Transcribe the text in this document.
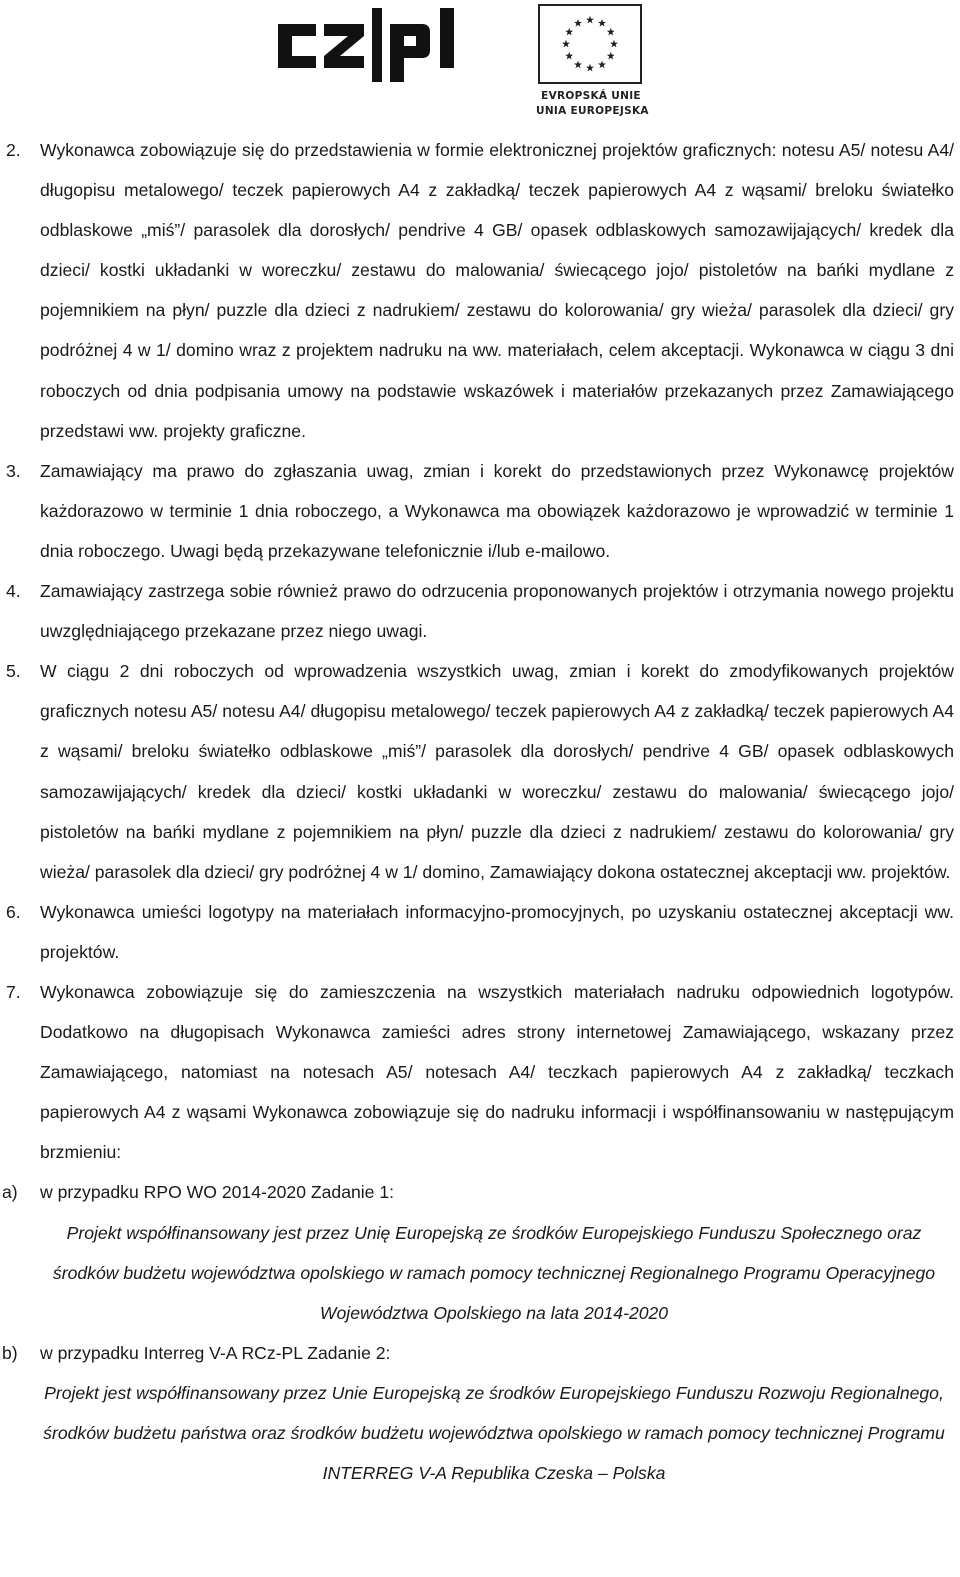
EVROPSKÁ UNIE
UNIA EUROPEJSKA
2. Wykonawca zobowiązuje się do przedstawienia w formie elektronicznej projektów graficznych: notesu A5/ notesu A4/ długopisu metalowego/ teczek papierowych A4 z zakładką/ teczek papierowych A4 z wąsami/ breloku światełko odblaskowe „miś”/ parasolek dla dorosłych/ pendrive 4 GB/ opasek odblaskowych samozawijających/ kredek dla dzieci/ kostki układanki w woreczku/ zestawu do malowania/ świecącego jojo/ pistoletów na bańki mydlane z pojemnikiem na płyn/ puzzle dla dzieci z nadrukiem/ zestawu do kolorowania/ gry wieża/ parasolek dla dzieci/ gry podróżnej 4 w 1/ domino wraz z projektem nadruku na ww. materiałach, celem akceptacji. Wykonawca w ciągu 3 dni roboczych od dnia podpisania umowy na podstawie wskazówek i materiałów przekazanych przez Zamawiającego przedstawi ww. projekty graficzne.
3. Zamawiający ma prawo do zgłaszania uwag, zmian i korekt do przedstawionych przez Wykonawcę projektów każdorazowo w terminie 1 dnia roboczego, a Wykonawca ma obowiązek każdorazowo je wprowadzić w terminie 1 dnia roboczego. Uwagi będą przekazywane telefonicznie i/lub e-mailowo.
4. Zamawiający zastrzega sobie również prawo do odrzucenia proponowanych projektów i otrzymania nowego projektu uwzględniającego przekazane przez niego uwagi.
5. W ciągu 2 dni roboczych od wprowadzenia wszystkich uwag, zmian i korekt do zmodyfikowanych projektów graficznych notesu A5/ notesu A4/ długopisu metalowego/ teczek papierowych A4 z zakładką/ teczek papierowych A4 z wąsami/ breloku światełko odblaskowe „miś”/ parasolek dla dorosłych/ pendrive 4 GB/ opasek odblaskowych samozawijających/ kredek dla dzieci/ kostki układanki w woreczku/ zestawu do malowania/ świecącego jojo/ pistoletów na bańki mydlane z pojemnikiem na płyn/ puzzle dla dzieci z nadrukiem/ zestawu do kolorowania/ gry wieża/ parasolek dla dzieci/ gry podróżnej 4 w 1/ domino, Zamawiający dokona ostatecznej akceptacji ww. projektów.
6. Wykonawca umieści logotypy na materiałach informacyjno-promocyjnych, po uzyskaniu ostatecznej akceptacji ww. projektów.
7. Wykonawca zobowiązuje się do zamieszczenia na wszystkich materiałach nadruku odpowiednich logotypów. Dodatkowo na długopisach Wykonawca zamieści adres strony internetowej Zamawiającego, wskazany przez Zamawiającego, natomiast na notesach A5/ notesach A4/ teczkach papierowych A4 z zakładką/ teczkach papierowych A4 z wąsami Wykonawca zobowiązuje się do nadruku informacji i współfinansowaniu w następującym brzmieniu:
a) w przypadku RPO WO 2014-2020 Zadanie 1:
Projekt współfinansowany jest przez Unię Europejską ze środków Europejskiego Funduszu Społecznego oraz środków budżetu województwa opolskiego w ramach pomocy technicznej Regionalnego Programu Operacyjnego Województwa Opolskiego na lata 2014-2020
b) w przypadku Interreg V-A RCz-PL Zadanie 2:
Projekt jest współfinansowany przez Unie Europejską ze środków Europejskiego Funduszu Rozwoju Regionalnego, środków budżetu państwa oraz środków budżetu województwa opolskiego w ramach pomocy technicznej Programu INTERREG V-A Republika Czeska – Polska
